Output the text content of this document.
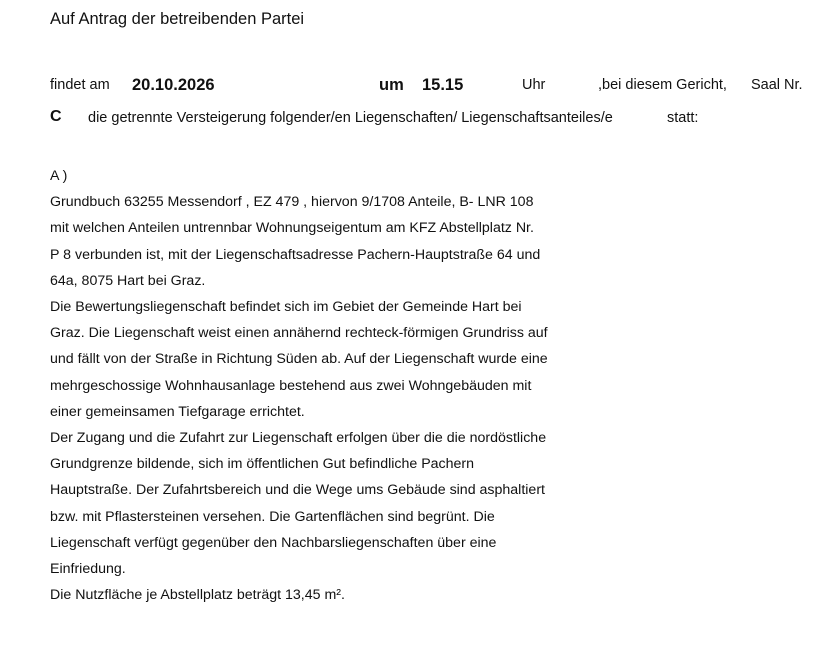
Auf Antrag der betreibenden Partei
findet am 20.10.2026	um 15.15	Uhr	,bei diesem Gericht, Saal Nr.
C die getrennte Versteigerung folgender/en Liegenschaften/ Liegenschaftsanteiles/e	statt:
A )
Grundbuch 63255 Messendorf , EZ 479 , hiervon 9/1708 Anteile, B- LNR 108
mit welchen Anteilen untrennbar Wohnungseigentum am KFZ Abstellplatz Nr.
P 8 verbunden ist, mit der Liegenschaftsadresse Pachern-Hauptstraße 64 und
64a, 8075 Hart bei Graz.
Die Bewertungsliegenschaft befindet sich im Gebiet der Gemeinde Hart bei
Graz. Die Liegenschaft weist einen annähernd rechteck-förmigen Grundriss auf
und fällt von der Straße in Richtung Süden ab. Auf der Liegenschaft wurde eine
mehrgeschossige Wohnhausanlage bestehend aus zwei Wohngebäuden mit
einer gemeinsamen Tiefgarage errichtet.
Der Zugang und die Zufahrt zur Liegenschaft erfolgen über die die nordöstliche
Grundgrenze bildende, sich im öffentlichen Gut befindliche Pachern
Hauptstraße. Der Zufahrtsbereich und die Wege ums Gebäude sind asphaltiert
bzw. mit Pflastersteinen versehen. Die Gartenflächen sind begrünt. Die
Liegenschaft verfügt gegenüber den Nachbarsliegenschaften über eine
Einfriedung.
Die Nutzfläche je Abstellplatz beträgt 13,45 m².
